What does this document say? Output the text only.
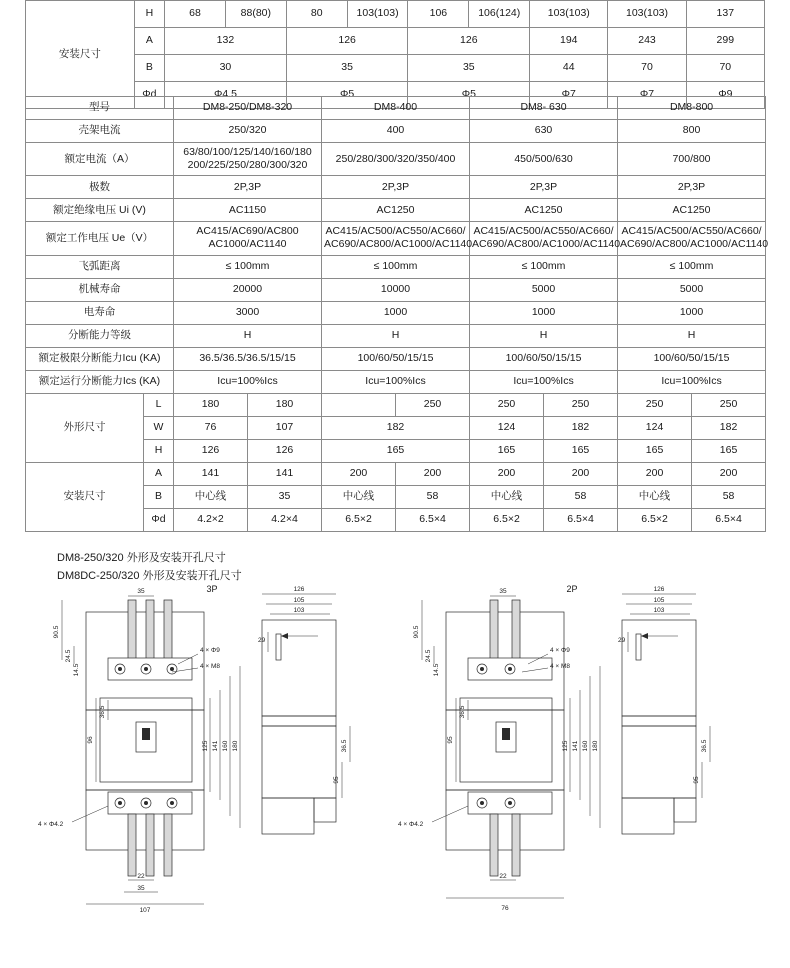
安装尺寸	H	68	88(80)	80	103(103)	106	106(124)	103(103)	103(103)	137
	A	132		126		126		194	243	299
	B	30		35		35		44	70	70
	Φd	Φ4.5		Φ5		Φ5		Φ7	Φ7	Φ9
型号		DM8-250/DM8-320		DM8-400		DM8- 630		DM8-800	
壳架电流		250/320		400		630		800	
额定电流（A）		63/80/100/125/140/160/180 200/225/250/280/300/320		250/280/300/320/350/400		450/500/630		700/800	
极数		2P,3P		2P,3P		2P,3P		2P,3P	
额定绝缘电压 Ui (V)		AC1150		AC1250		AC1250		AC1250	
额定工作电压 Ue（V）		AC415/AC690/AC800 AC1000/AC1140		AC415/AC500/AC550/AC660/ AC690/AC800/AC1000/AC1140		AC415/AC500/AC550/AC660/ AC690/AC800/AC1000/AC1140		AC415/AC500/AC550/AC660/ AC690/AC800/AC1000/AC1140	
飞弧距离		≤ 100mm		≤ 100mm		≤ 100mm		≤ 100mm	
机械寿命		20000		10000		5000		5000	
电寿命		3000		1000		1000		1000	
分断能力等级		H		H		H		H	
额定极限分断能力Icu (KA)		36.5/36.5/36.5/15/15		100/60/50/15/15		100/60/50/15/15		100/60/50/15/15	
额定运行分断能力Ics (KA)		Icu=100%Ics		Icu=100%Ics		Icu=100%Ics		Icu=100%Ics	
外形尺寸	L	180	180		250	250	250	250	250
	W	76	107	182		124	182	124	182
	H	126	126	165		165	165	165	165
安装尺寸	A	141	141	200	200	200	200	200	200
	B	中心线	35	中心线	58	中心线	58	中心线	58
	Φd	4.2×2	4.2×4	6.5×2	6.5×4	6.5×2	6.5×4	6.5×2	6.5×4
DM8-250/320 外形及安装开孔尺寸
DM8DC-250/320 外形及安装开孔尺寸
3P
35
90.5
24.5
14.5
4 × Φ9
4 × M8
4 × Φ4.2
96
36.5
125 141 160 180
22
35
107
29
126
105
103
36.5
95
2P
35
90.5
24.5
14.5
4 × Φ9
4 × M8
4 × Φ4.2
95
36.5
125 141 160 180
22
76
29
126
105
103
36.5
95
